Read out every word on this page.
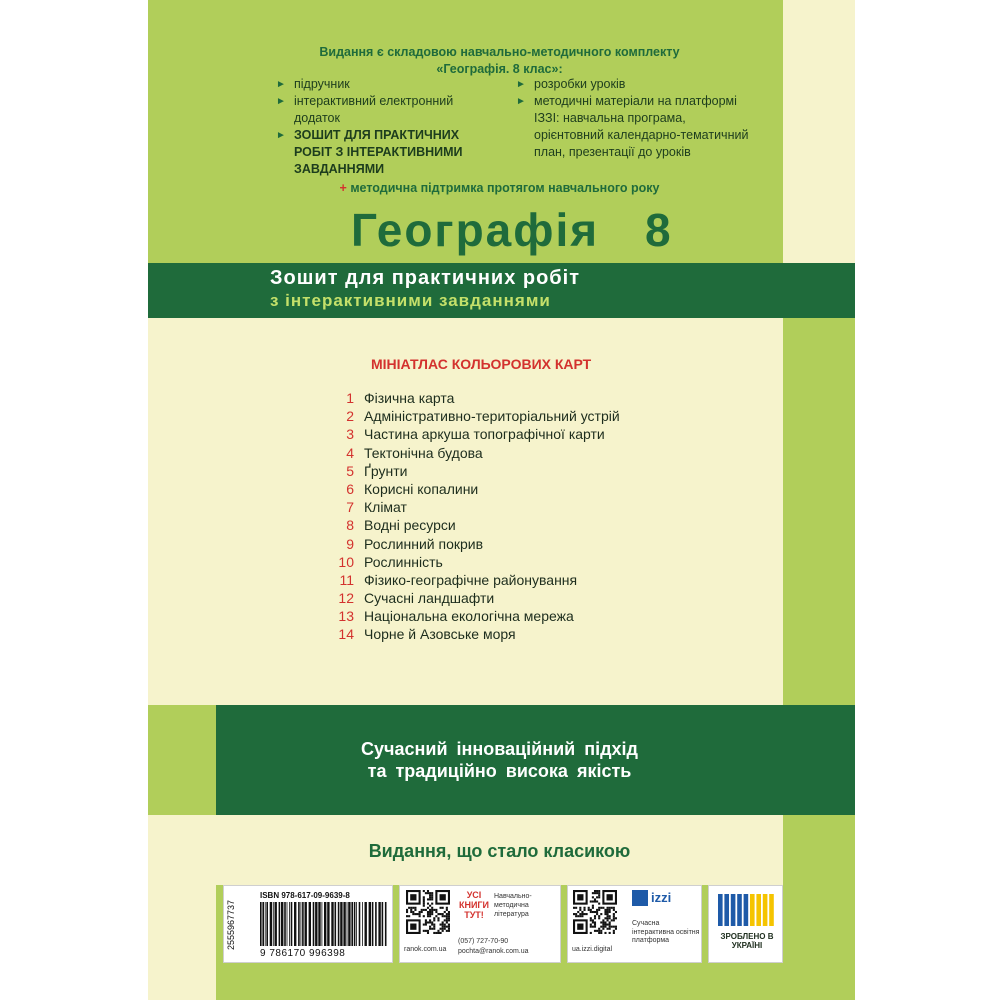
Видання є складовою навчально-методичного комплекту
«Географія. 8 клас»:
► підручник
► інтерактивний електронний додаток
► ЗОШИТ ДЛЯ ПРАКТИЧНИХ РОБІТ З ІНТЕРАКТИВНИМИ ЗАВДАННЯМИ
► розробки уроків
► методичні матеріали на платформі IЗЗI: навчальна програма, орієнтовний календарно-тематичний план, презентації до уроків
+ методична підтримка протягом навчального року
Географія 8
Зошит для практичних робіт
з інтерактивними завданнями
МІНІАТЛАС КОЛЬОРОВИХ КАРТ
1 Фізична карта
2 Адміністративно-територіальний устрій
3 Частина аркуша топографічної карти
4 Тектонічна будова
5 Ґрунти
6 Корисні копалини
7 Клімат
8 Водні ресурси
9 Рослинний покрив
10 Рослинність
11 Фізико-географічне районування
12 Сучасні ландшафти
13 Національна екологічна мережа
14 Чорне й Азовське моря
Сучасний інноваційний підхід
та традиційно висока якість
Видання, що стало класикою
2555967737
ISBN 978-617-09-9639-8
9 786170 996398	ranok.com.ua
УСІ КНИГИ ТУТ!
Навчально-методична література
(057) 727-70-90
pochta@ranok.com.ua	ua.izzi.digital
izzi
Сучасна інтерактивна освітня платформа	ЗРОБЛЕНО В УКРАЇНІ
